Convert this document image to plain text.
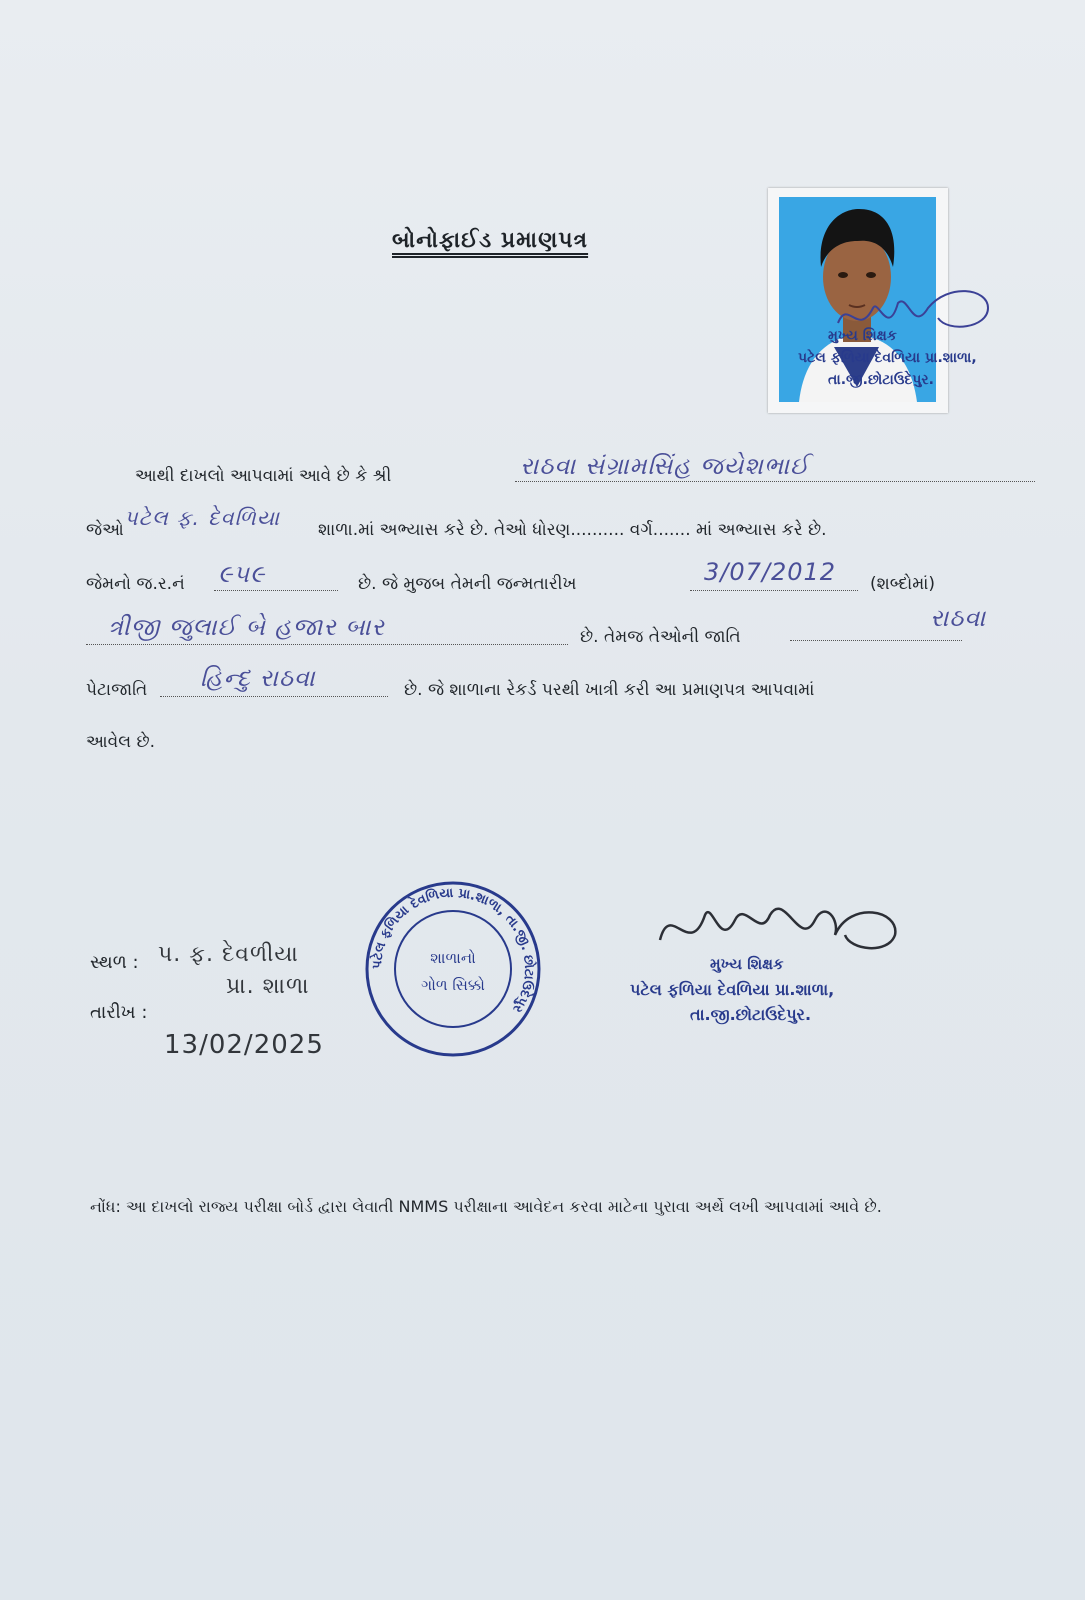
બોનોફાઈડ પ્રમાણપત્ર
મુખ્ય શિક્ષક
પટેલ ફળિયા દેવળિયા પ્રા.શાળા,
તા.જી.છોટાઉદેપુર.
આથી દાખલો આપવામાં આવે છે કે શ્રી	રાઠવા સંગ્રામસિંહ જયેશભાઈ
જેઓ પટેલ ફ. દેવળિયા શાળા.માં અભ્યાસ કરે છે. તેઓ ધોરણ.......... વર્ગ....... માં અભ્યાસ કરે છે.
જેમનો જ.ર.નં ૯૫૯	છે. જે મુજબ તેમની જન્મતારીખ	3/07/2012 (શબ્દોમાં)
ત્રીજી જુલાઈ બે હજાર બાર	છે. તેમજ તેઓની જાતિ
રાઠવા
પેટાજાતિ હિન્દુ રાઠવા	છે. જે શાળાના રેકર્ડ પરથી ખાત્રી કરી આ પ્રમાણપત્ર આપવામાં
આવેલ છે.
સ્થળ : પ. ફ. દેવળીયા
પ્રા. શાળા
તારીખ :
13/02/2025
પટેલ ફળિયા દેવળિયા પ્રા.શાળા, તા.જી. છોટાઉદેપુર
શાળાનો
ગોળ સિક્કો
મુખ્ય શિક્ષક
પટેલ ફળિયા દેવળિયા પ્રા.શાળા,
તા.જી.છોટાઉદેપુર.
નોંધ: આ દાખલો રાજ્ય પરીક્ષા બોર્ડ દ્વારા લેવાતી NMMS પરીક્ષાના આવેદન કરવા માટેના પુરાવા અર્થે લખી આપવામાં આવે છે.
